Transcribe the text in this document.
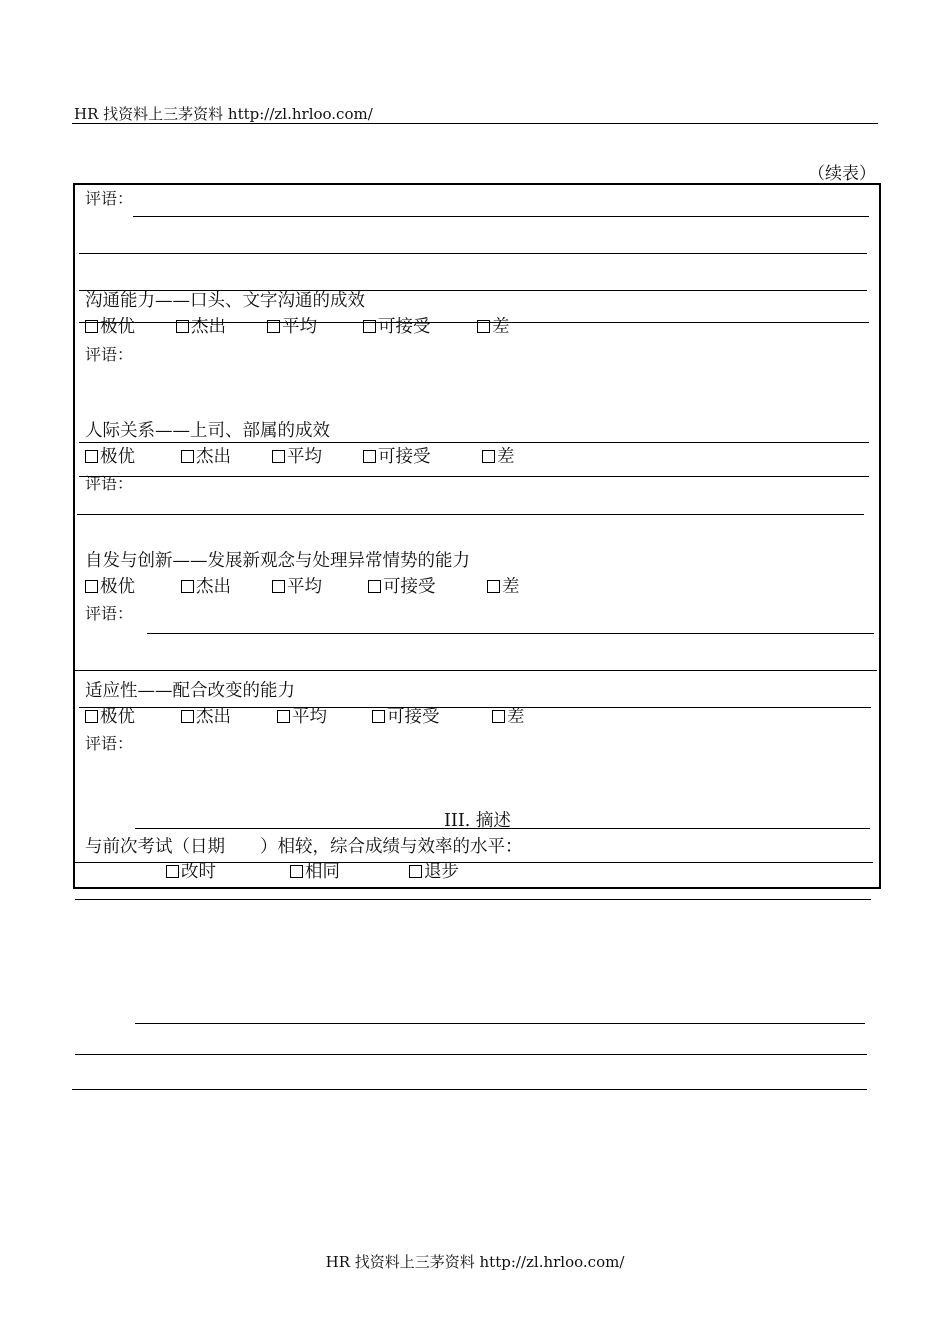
HR 找资料上三茅资料 http://zl.hrloo.com/
（续表）
评语：
沟通能力——口头、文字沟通的成效
极优	杰出	平均	可接受	差
评语：
人际关系——上司、部属的成效
极优	杰出	平均	可接受	差
评语：
自发与创新——发展新观念与处理异常情势的能力
极优	杰出	平均	可接受	差
评语：
适应性——配合改变的能力
极优	杰出	平均	可接受	差
评语：
III. 摘述
与前次考试（日期　　）相较，综合成绩与效率的水平：
改时	相同	退步
HR 找资料上三茅资料 http://zl.hrloo.com/
